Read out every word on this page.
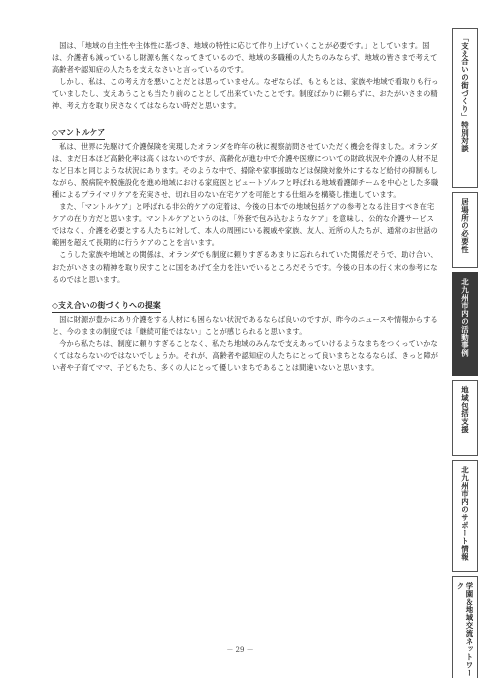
国は、「地域の自主性や主体性に基づき、地域の特性に応じて作り上げていくことが必要です。」としています。国は、介護者も減っているし財源も無くなってきているので、地域の多職種の人たちのみならず、地域の皆さまで考えて高齢者や認知症の人たちを支えなさいと言っているのです。

しかし、私は、この考え方を悪いことだとは思っていません。なぜならば、もともとは、家族や地域で看取りも行っていましたし、支えあうことも当たり前のこととして出来ていたことです。制度ばかりに頼らずに、おたがいさまの精神、考え方を取り戻さなくてはならない時だと思います。

◇マントルケア

私は、世界に先駆けて介護保険を実現したオランダを昨年の秋に視察訪問させていただく機会を得ました。オランダは、まだ日本ほど高齢化率は高くはないのですが、高齢化が進む中で介護や医療についての財政状況や介護の人材不足など日本と同じような状況にあります。そのような中で、掃除や家事援助などは保険対象外にするなど給付の抑制もしながら、脱病院や脱施設化を進め地域における家庭医とビュートゾルフと呼ばれる地域看護師チームを中心とした多職種によるプライマリケアを充実させ、切れ目のない在宅ケアを可能とする仕組みを構築し推進しています。

また、「マントルケア」と呼ばれる非公的ケアの定着は、今後の日本での地域包括ケアの参考となる注目すべき在宅ケアの在り方だと思います。マントルケアというのは、「外套で包み込むようなケア」を意味し、公的な介護サービスではなく、介護を必要とする人たちに対して、本人の周囲にいる親戚や家族、友人、近所の人たちが、通常のお世話の範囲を超えて長期的に行うケアのことを言います。

こうした家族や地域との関係は、オランダでも制度に頼りすぎるあまりに忘れられていた関係だそうで、助け合い、おたがいさまの精神を取り戻すことに国をあげて全力を注いでいるところだそうです。今後の日本の行く末の参考になるのではと思います。

◇支え合いの街づくりへの提案

国に財源が豊かにあり介護をする人材にも困らない状況であるならば良いのですが、昨今のニュースや情報からすると、今のままの制度では「継続可能ではない」ことが感じられると思います。

今から私たちは、制度に頼りすぎることなく、私たち地域のみんなで支えあっていけるようなまちをつくっていかなくてはならないのではないでしょうか。それが、高齢者や認知症の人たちにとって良いまちとなるならば、きっと障がい者や子育てママ、子どもたち、多くの人にとって優しいまちであることは間違いないと思います。

「支え合いの街づくり」特別対談
居場所の必要性
北九州市内の活動事例
地域包括支援
北九州市内のサポート情報
学園＆地域交流ネットワーク
－ 29 －
